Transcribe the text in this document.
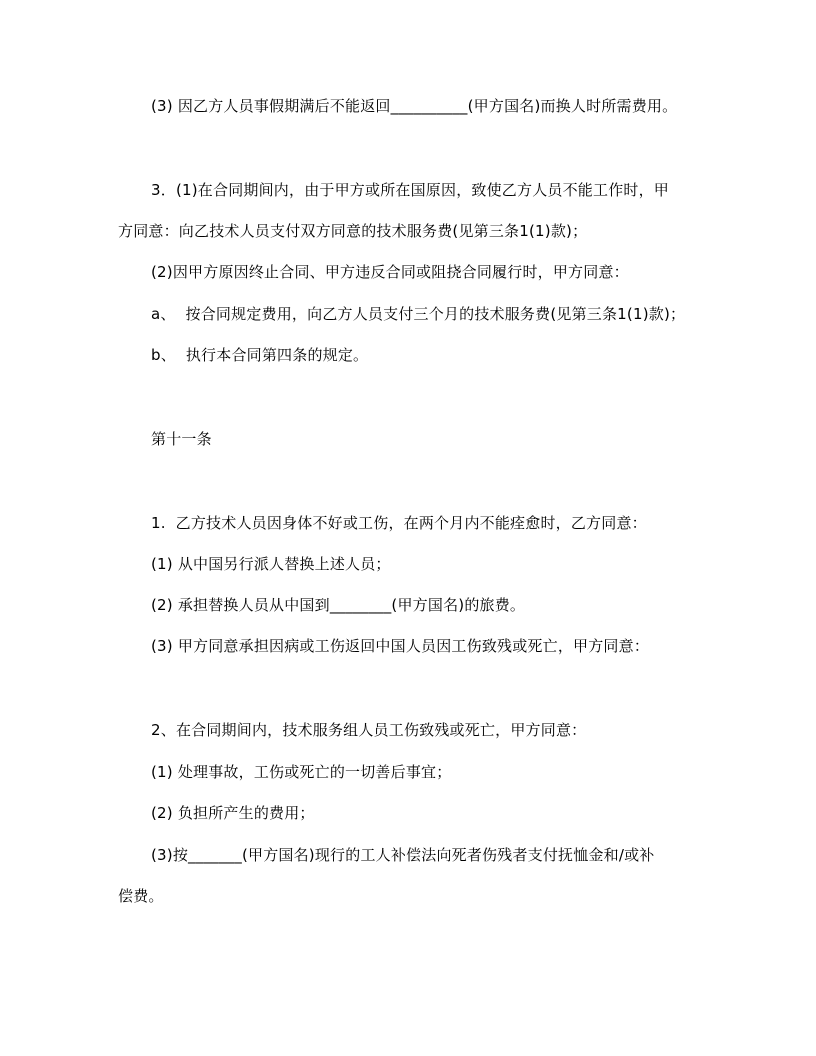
(3) 因乙方人员事假期满后不能返回__________(甲方国名)而换人时所需费用。
3．(1)在合同期间内，由于甲方或所在国原因，致使乙方人员不能工作时，甲
方同意：向乙技术人员支付双方同意的技术服务费(见第三条1(1)款)；
(2)因甲方原因终止合同、甲方违反合同或阻挠合同履行时，甲方同意：
a、  按合同规定费用，向乙方人员支付三个月的技术服务费(见第三条1(1)款)；
b、  执行本合同第四条的规定。
第十一条
1.  乙方技术人员因身体不好或工伤，在两个月内不能痊愈时，乙方同意：
(1) 从中国另行派人替换上述人员；
(2) 承担替换人员从中国到________(甲方国名)的旅费。
(3) 甲方同意承担因病或工伤返回中国人员因工伤致残或死亡，甲方同意：
2、在合同期间内，技术服务组人员工伤致残或死亡，甲方同意：
(1) 处理事故，工伤或死亡的一切善后事宜；
(2) 负担所产生的费用；
(3)按_______(甲方国名)现行的工人补偿法向死者伤残者支付抚恤金和/或补
偿费。
